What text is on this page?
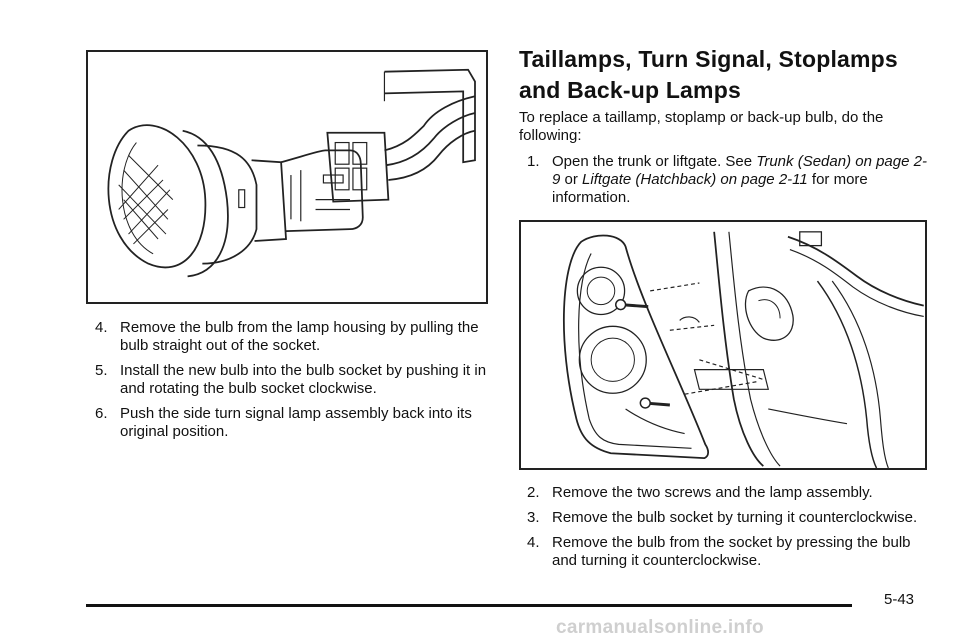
4. Remove the bulb from the lamp housing by pulling the bulb straight out of the socket.
5. Install the new bulb into the bulb socket by pushing it in and rotating the bulb socket clockwise.
6. Push the side turn signal lamp assembly back into its original position.
Taillamps, Turn Signal, Stoplamps and Back-up Lamps

To replace a taillamp, stoplamp or back-up bulb, do the following:

1. Open the trunk or liftgate. See Trunk (Sedan) on page 2-9 or Liftgate (Hatchback) on page 2-11 for more information.
2. Remove the two screws and the lamp assembly.
3. Remove the bulb socket by turning it counterclockwise.
4. Remove the bulb from the socket by pressing the bulb and turning it counterclockwise.
5-43
carmanualsonline.info
